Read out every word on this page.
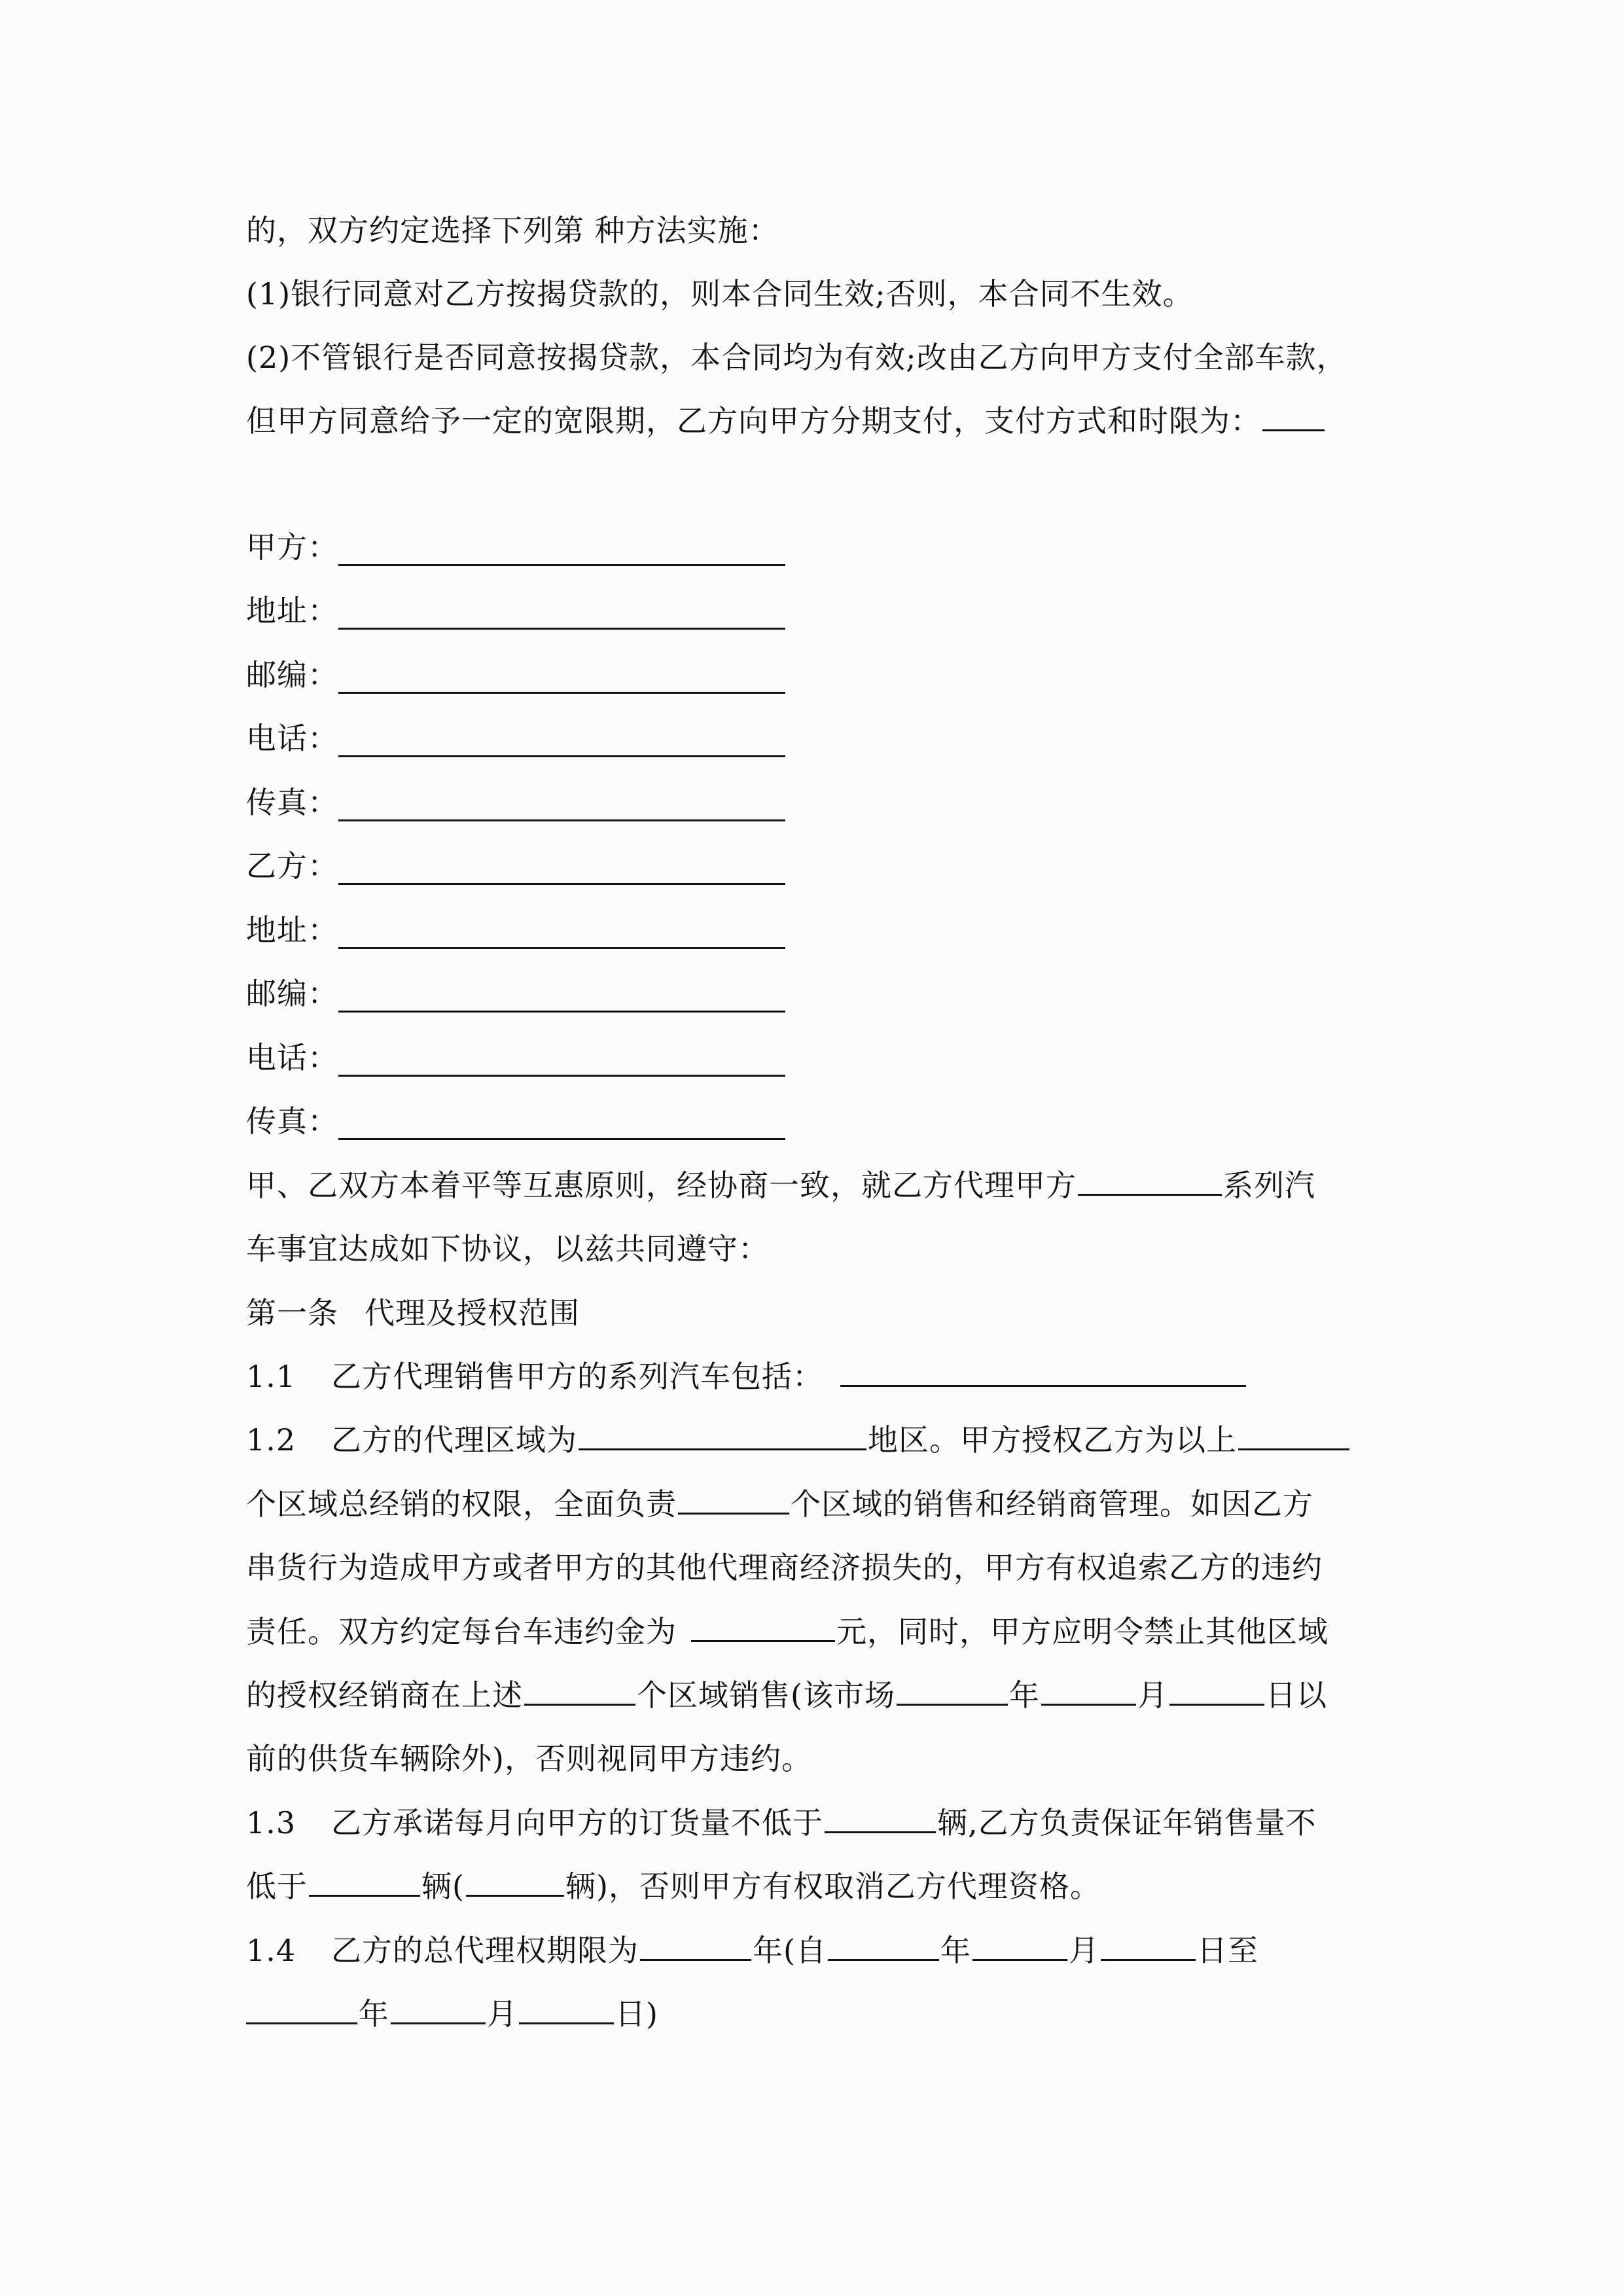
的，双方约定选择下列第 种方法实施：
(1)银行同意对乙方按揭贷款的，则本合同生效;否则，本合同不生效。
(2)不管银行是否同意按揭贷款，本合同均为有效;改由乙方向甲方支付全部车款，
但甲方同意给予一定的宽限期，乙方向甲方分期支付，支付方式和时限为：
甲方：
地址：
邮编：
电话：
传真：
乙方：
地址：
邮编：
电话：
传真：
甲、乙双方本着平等互惠原则，经协商一致，就乙方代理甲方	系列汽
车事宜达成如下协议，以兹共同遵守：
第一条 代理及授权范围
1.1 乙方代理销售甲方的系列汽车包括：
1.2 乙方的代理区域为	地区。甲方授权乙方为以上
个区域总经销的权限，全面负责	个区域的销售和经销商管理。如因乙方
串货行为造成甲方或者甲方的其他代理商经济损失的，甲方有权追索乙方的违约
责任。双方约定每台车违约金为	元，同时，甲方应明令禁止其他区域
的授权经销商在上述	个区域销售(该市场	年	月	日以
前的供货车辆除外)，否则视同甲方违约。
1.3 乙方承诺每月向甲方的订货量不低于	辆,乙方负责保证年销售量不
低于	辆(	辆)，否则甲方有权取消乙方代理资格。
1.4 乙方的总代理权期限为	年(自	年	月	日至
年	月	日)
